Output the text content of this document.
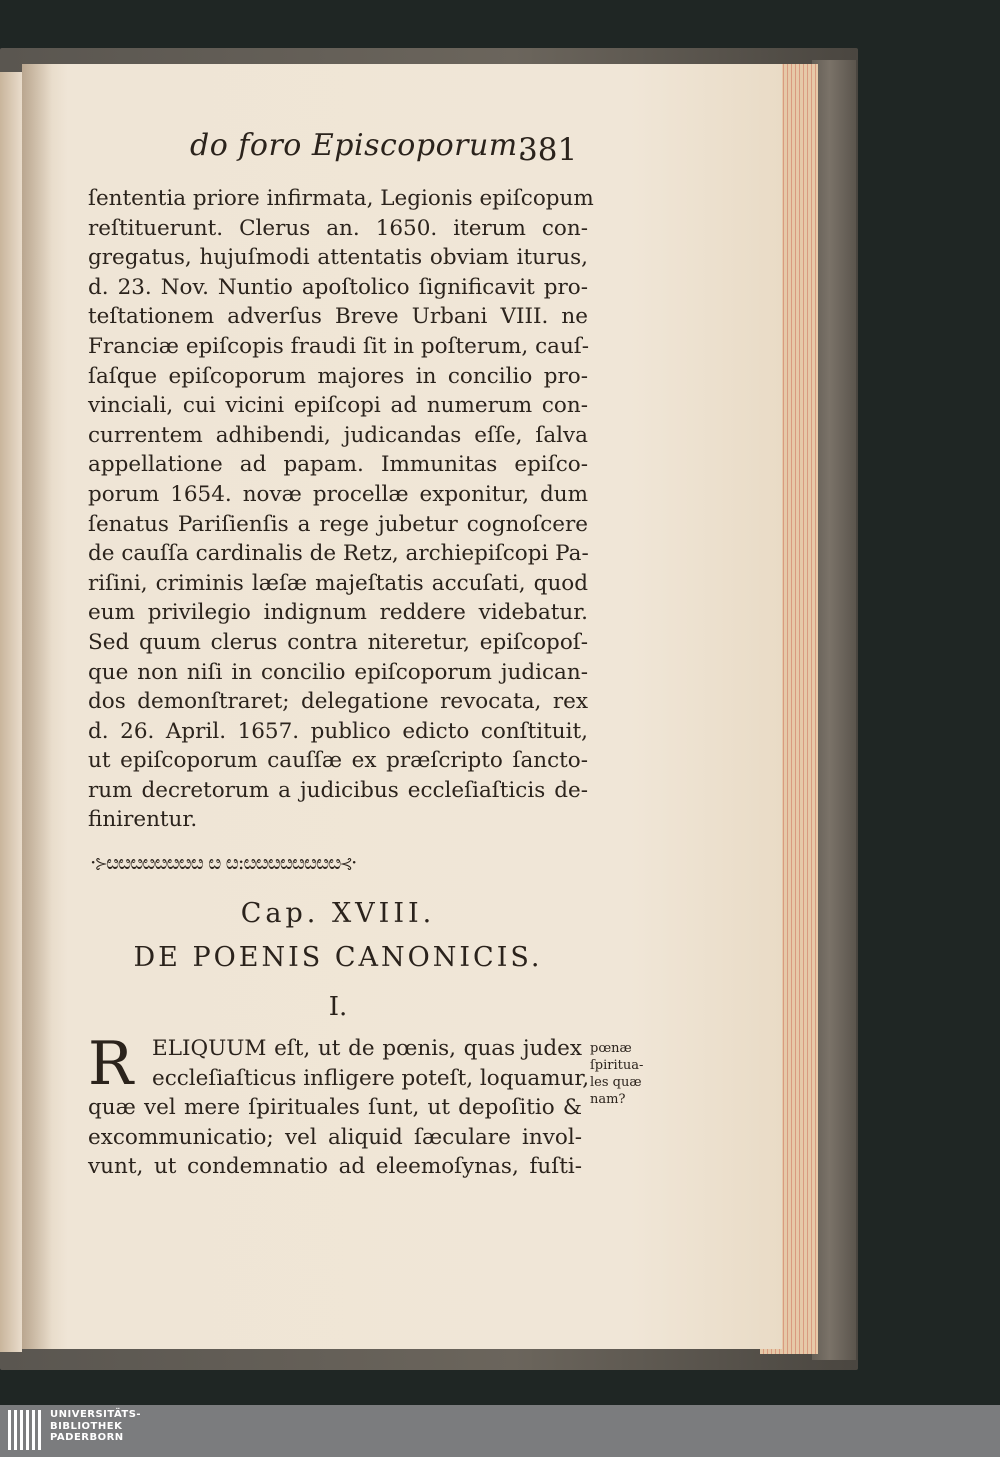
do foro Episcoporum.
381
ſententia priore infirmata, Legionis epiſcopum
reſtituerunt. Clerus an. 1650. iterum con-
gregatus, hujuſmodi attentatis obviam iturus,
d. 23. Nov. Nuntio apoſtolico ſignificavit pro-
teſtationem adverſus Breve Urbani VIII. ne
Franciæ epiſcopis fraudi ſit in poſterum, cauſ-
ſaſque epiſcoporum majores in concilio pro-
vinciali, cui vicini epiſcopi ad numerum con-
currentem adhibendi, judicandas eſſe, ſalva
appellatione ad papam. Immunitas epiſco-
porum 1654. novæ procellæ exponitur, dum
ſenatus Pariſienſis a rege jubetur cognoſcere
de cauſſa cardinalis de Retz, archiepiſcopi Pa-
riſini, criminis læſæ majeſtatis accuſati, quod
eum privilegio indignum reddere videbatur.
Sed quum clerus contra niteretur, epiſcopoſ-
que non niſi in concilio epiſcoporum judican-
dos demonſtraret; delegatione revocata, rex
d. 26. April. 1657. publico edicto conſtituit,
ut epiſcoporum cauſſæ ex præſcripto ſancto-
rum decretorum a judicibus eccleſiaſticis de-
finirentur.
·⊱ೞೞೞೞೞೞೞೞ ೞ ೞ:ೞೞೞೞೞೞೞೞ⊰·
Cap. XVIII.
DE POENIS CANONICIS.
I.
R ELIQUUM eſt, ut de pœnis, quas judex
eccleſiaſticus infligere poteſt, loquamur,
quæ vel mere ſpirituales ſunt, ut depoſitio &
excommunicatio; vel aliquid ſæculare invol-
vunt, ut condemnatio ad eleemoſynas, fuſti-
pœnæ
ſpiritua-
les quæ
nam?
UNIVERSITÄTS-
BIBLIOTHEK
PADERBORN
